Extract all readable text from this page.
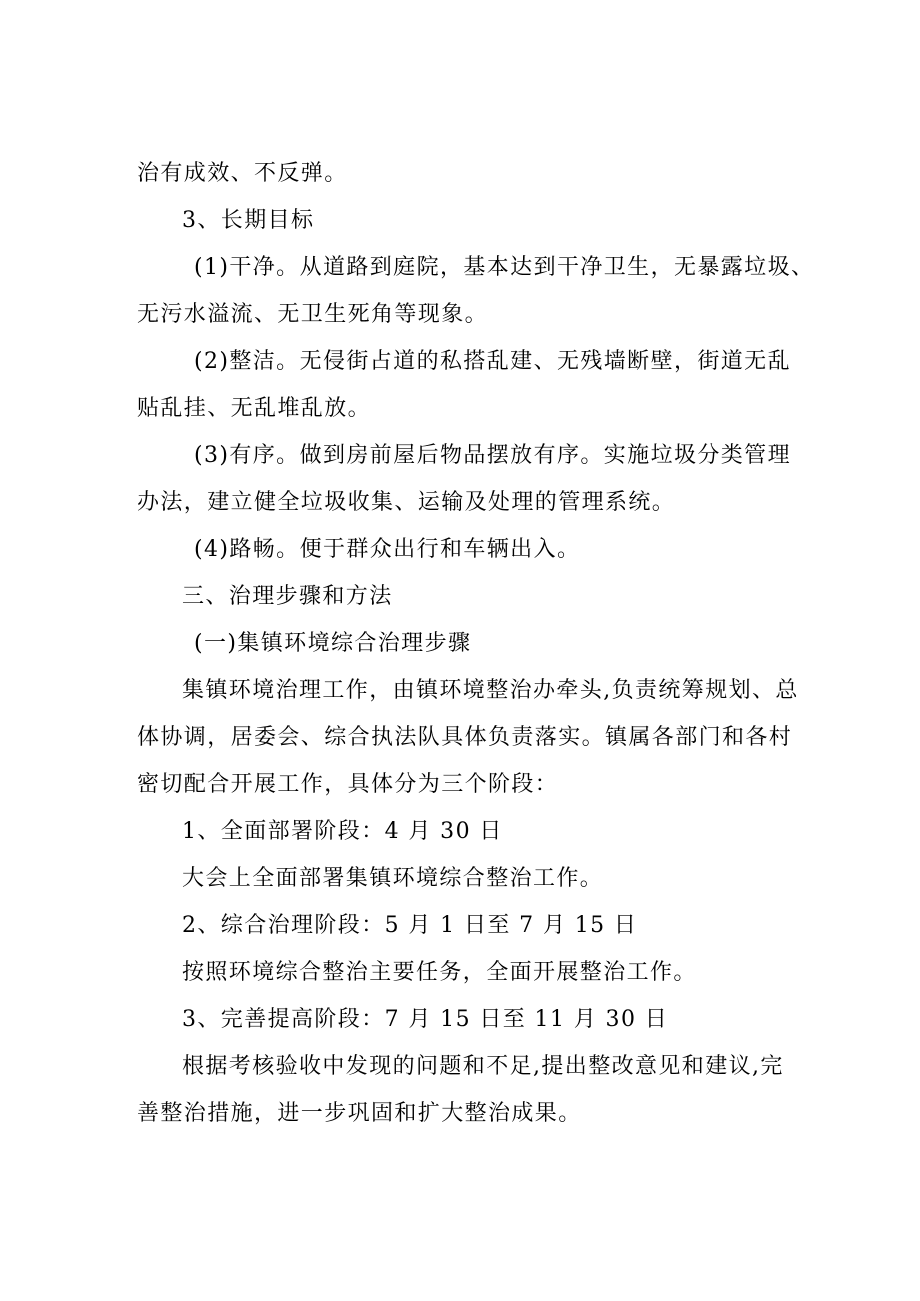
治有成效、不反弹。
3、长期目标
(1)干净。从道路到庭院，基本达到干净卫生，无暴露垃圾、
无污水溢流、无卫生死角等现象。
(2)整洁。无侵街占道的私搭乱建、无残墙断壁，街道无乱
贴乱挂、无乱堆乱放。
(3)有序。做到房前屋后物品摆放有序。实施垃圾分类管理
办法，建立健全垃圾收集、运输及处理的管理系统。
(4)路畅。便于群众出行和车辆出入。
三、治理步骤和方法
(一)集镇环境综合治理步骤
集镇环境治理工作，由镇环境整治办牵头,负责统筹规划、总
体协调，居委会、综合执法队具体负责落实。镇属各部门和各村
密切配合开展工作，具体分为三个阶段：
1、全面部署阶段：4 月 30 日
大会上全面部署集镇环境综合整治工作。
2、综合治理阶段：5 月 1 日至 7 月 15 日
按照环境综合整治主要任务，全面开展整治工作。
3、完善提高阶段：7 月 15 日至 11 月 30 日
根据考核验收中发现的问题和不足,提出整改意见和建议,完
善整治措施，进一步巩固和扩大整治成果。
